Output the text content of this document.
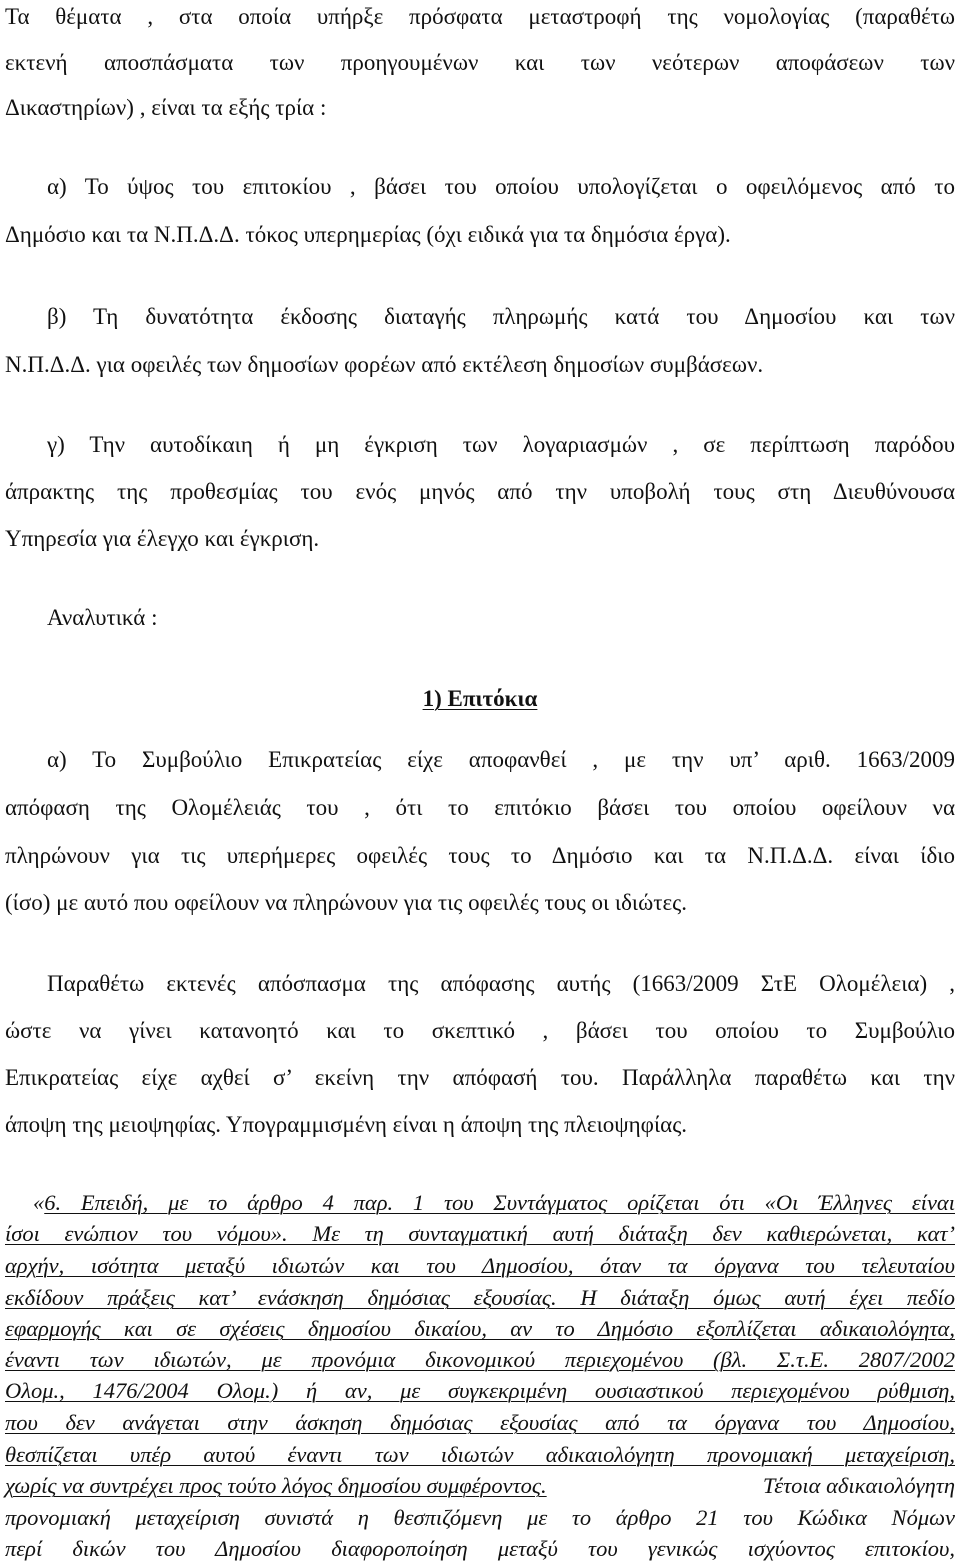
Τα θέματα , στα οποία υπήρξε πρόσφατα μεταστροφή της νομολογίας (παραθέτω
εκτενή αποσπάσματα των προηγουμένων και των νεότερων αποφάσεων των
Δικαστηρίων) , είναι τα εξής τρία :
α) Το ύψος του επιτοκίου , βάσει του οποίου υπολογίζεται ο οφειλόμενος από το
Δημόσιο και τα Ν.Π.Δ.Δ. τόκος υπερημερίας (όχι ειδικά για τα δημόσια έργα).
β) Τη δυνατότητα έκδοσης διαταγής πληρωμής κατά του Δημοσίου και των
Ν.Π.Δ.Δ. για οφειλές των δημοσίων φορέων από εκτέλεση δημοσίων συμβάσεων.
γ) Την αυτοδίκαιη ή μη έγκριση των λογαριασμών , σε περίπτωση παρόδου
άπρακτης της προθεσμίας του ενός μηνός από την υποβολή τους στη Διευθύνουσα
Υπηρεσία για έλεγχο και έγκριση.
Αναλυτικά :
1) Επιτόκια
α) Το Συμβούλιο Επικρατείας είχε αποφανθεί , με την υπ’ αριθ. 1663/2009
απόφαση της Ολομέλειάς του , ότι το επιτόκιο βάσει του οποίου οφείλουν να
πληρώνουν για τις υπερήμερες οφειλές τους το Δημόσιο και τα Ν.Π.Δ.Δ. είναι ίδιο
(ίσο) με αυτό που οφείλουν να πληρώνουν για τις οφειλές τους οι ιδιώτες.
Παραθέτω εκτενές απόσπασμα της απόφασης αυτής (1663/2009 ΣτΕ Ολομέλεια) ,
ώστε να γίνει κατανοητό και το σκεπτικό , βάσει του οποίου το Συμβούλιο
Επικρατείας είχε αχθεί σ’ εκείνη την απόφασή του. Παράλληλα παραθέτω και την
άποψη της μειοψηφίας. Υπογραμμισμένη είναι η άποψη της πλειοψηφίας.
« 6. Επειδή, με το άρθρο 4 παρ. 1 του Συντάγματος ορίζεται ότι «Οι Έλληνες είναι
ίσοι ενώπιον του νόμου». Με τη συνταγματική αυτή διάταξη δεν καθιερώνεται, κατ’
αρχήν, ισότητα μεταξύ ιδιωτών και του Δημοσίου, όταν τα όργανα του τελευταίου
εκδίδουν πράξεις κατ’ ενάσκηση δημόσιας εξουσίας. Η διάταξη όμως αυτή έχει πεδίο
εφαρμογής και σε σχέσεις δημοσίου δικαίου, αν το Δημόσιο εξοπλίζεται αδικαιολόγητα,
έναντι των ιδιωτών, με προνόμια δικονομικού περιεχομένου (βλ. Σ.τ.Ε. 2807/2002
Ολομ., 1476/2004 Ολομ.) ή αν, με συγκεκριμένη ουσιαστικού περιεχομένου ρύθμιση,
που δεν ανάγεται στην άσκηση δημόσιας εξουσίας από τα όργανα του Δημοσίου,
θεσπίζεται υπέρ αυτού έναντι των ιδιωτών αδικαιολόγητη προνομιακή μεταχείριση,
χωρίς να συντρέχει προς τούτο λόγος δημοσίου συμφέροντος.	Τέτοια αδικαιολόγητη
προνομιακή μεταχείριση συνιστά η θεσπιζόμενη με το άρθρο 21 του Κώδικα Νόμων
περί δικών του Δημοσίου διαφοροποίηση μεταξύ του γενικώς ισχύοντος επιτοκίου,
